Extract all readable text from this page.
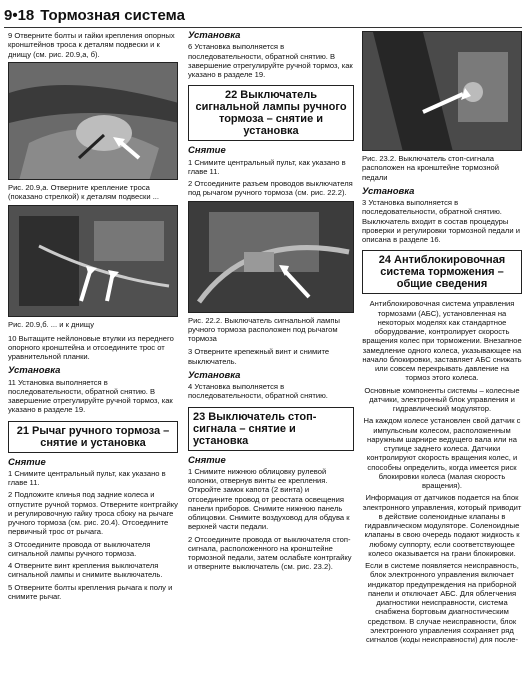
9•18 Тормозная система

9 Отверните болты и гайки крепления опорных кронштейнов троса к деталям подвески и к днищу (см. рис. 20.9,а, б).

Рис. 20.9,а. Отверните крепление троса (показано стрелкой) к деталям подвески ...

Рис. 20.9,б. ... и к днищу

10 Вытащите нейлоновые втулки из переднего опорного кронштейна и отсоедините трос от уравнительной планки.

Установка

11 Установка выполняется в последовательности, обратной снятию. В завершение отрегулируйте ручной тормоз, как указано в разделе 19.

21 Рычаг ручного тормоза – снятие и установка
Снятие

1 Снимите центральный пульт, как указано в главе 11.

2 Подложите клинья под задние колеса и отпустите ручной тормоз. Отверните контргайку и регулировочную гайку троса сбоку на рычаге ручного тормоза (см. рис. 20.4). Отсоедините первичный трос от рычага.

3 Отсоедините провода от выключателя сигнальной лампы ручного тормоза.

4 Отверните винт крепления выключателя сигнальной лампы и снимите выключатель.

5 Отверните болты крепления рычага к полу и снимите рычаг.

Установка

6 Установка выполняется в последовательности, обратной снятию. В завершение отрегулируйте ручной тормоз, как указано в разделе 19.

22 Выключатель сигнальной лампы ручного тормоза – снятие и установка
Снятие

1 Снимите центральный пульт, как указано в главе 11.

2 Отсоедините разъем проводов выключателя под рычагом ручного тормоза (см. рис. 22.2).

Рис. 22.2. Выключатель сигнальной лампы ручного тормоза расположен под рычагом тормоза

3 Отверните крепежный винт и снимите выключатель.

Установка

4 Установка выполняется в последовательности, обратной снятию.

23 Выключатель стоп-сигнала – снятие и установка
Снятие

1 Снимите нижнюю облицовку рулевой колонки, отвернув винты ее крепления. Откройте замок капота (2 винта) и отсоедините провод от реостата освещения панели приборов. Снимите нижнюю панель облицовки. Снимите воздуховод для обдува к верхней части педали.

2 Отсоедините провода от выключателя стоп-сигнала, расположенного на кронштейне тормозной педали, затем ослабьте контргайку и отверните выключатель (см. рис. 23.2).

Рис. 23.2. Выключатель стоп-сигнала расположен на кронштейне тормозной педали

Установка

3 Установка выполняется в последовательности, обратной снятию. Выключатель входит в состав процедуры проверки и регулировки тормозной педали и описана в разделе 16.

24 Антиблокировочная система торможения – общие сведения

Антиблокировочная система управления тормозами (АБС), установленная на некоторых моделях как стандартное оборудование, контролирует скорость вращения колес при торможении. Внезапное замедление одного колеса, указывающее на начало блокировки, заставляет АБС снижать или совсем перекрывать давление на тормоз этого колеса.

Основные компоненты системы – колесные датчики, электронный блок управления и гидравлический модулятор.

На каждом колесе установлен свой датчик с импульсным колесом, расположенным наружным шарнире ведущего вала или на ступице заднего колеса. Датчики контролируют скорость вращения колес, и способны определить, когда имеется риск блокировки колеса (малая скорость вращения).

Информация от датчиков подается на блок электронного управления, который приводит в действие соленоидные клапаны в гидравлическом модуляторе. Соленоидные клапаны в свою очередь подают жидкость к любому суппорту, если соответствующее колесо оказывается на грани блокировки.

Если в системе появляется неисправность, блок электронного управления включает индикатор предупреждения на приборной панели и отключает АБС. Для облегчения диагностики неисправности, система снабжена бортовым диагностическим средством. В случае неисправности, блок электронного управления сохраняет ряд сигналов (коды неисправности) для после-
